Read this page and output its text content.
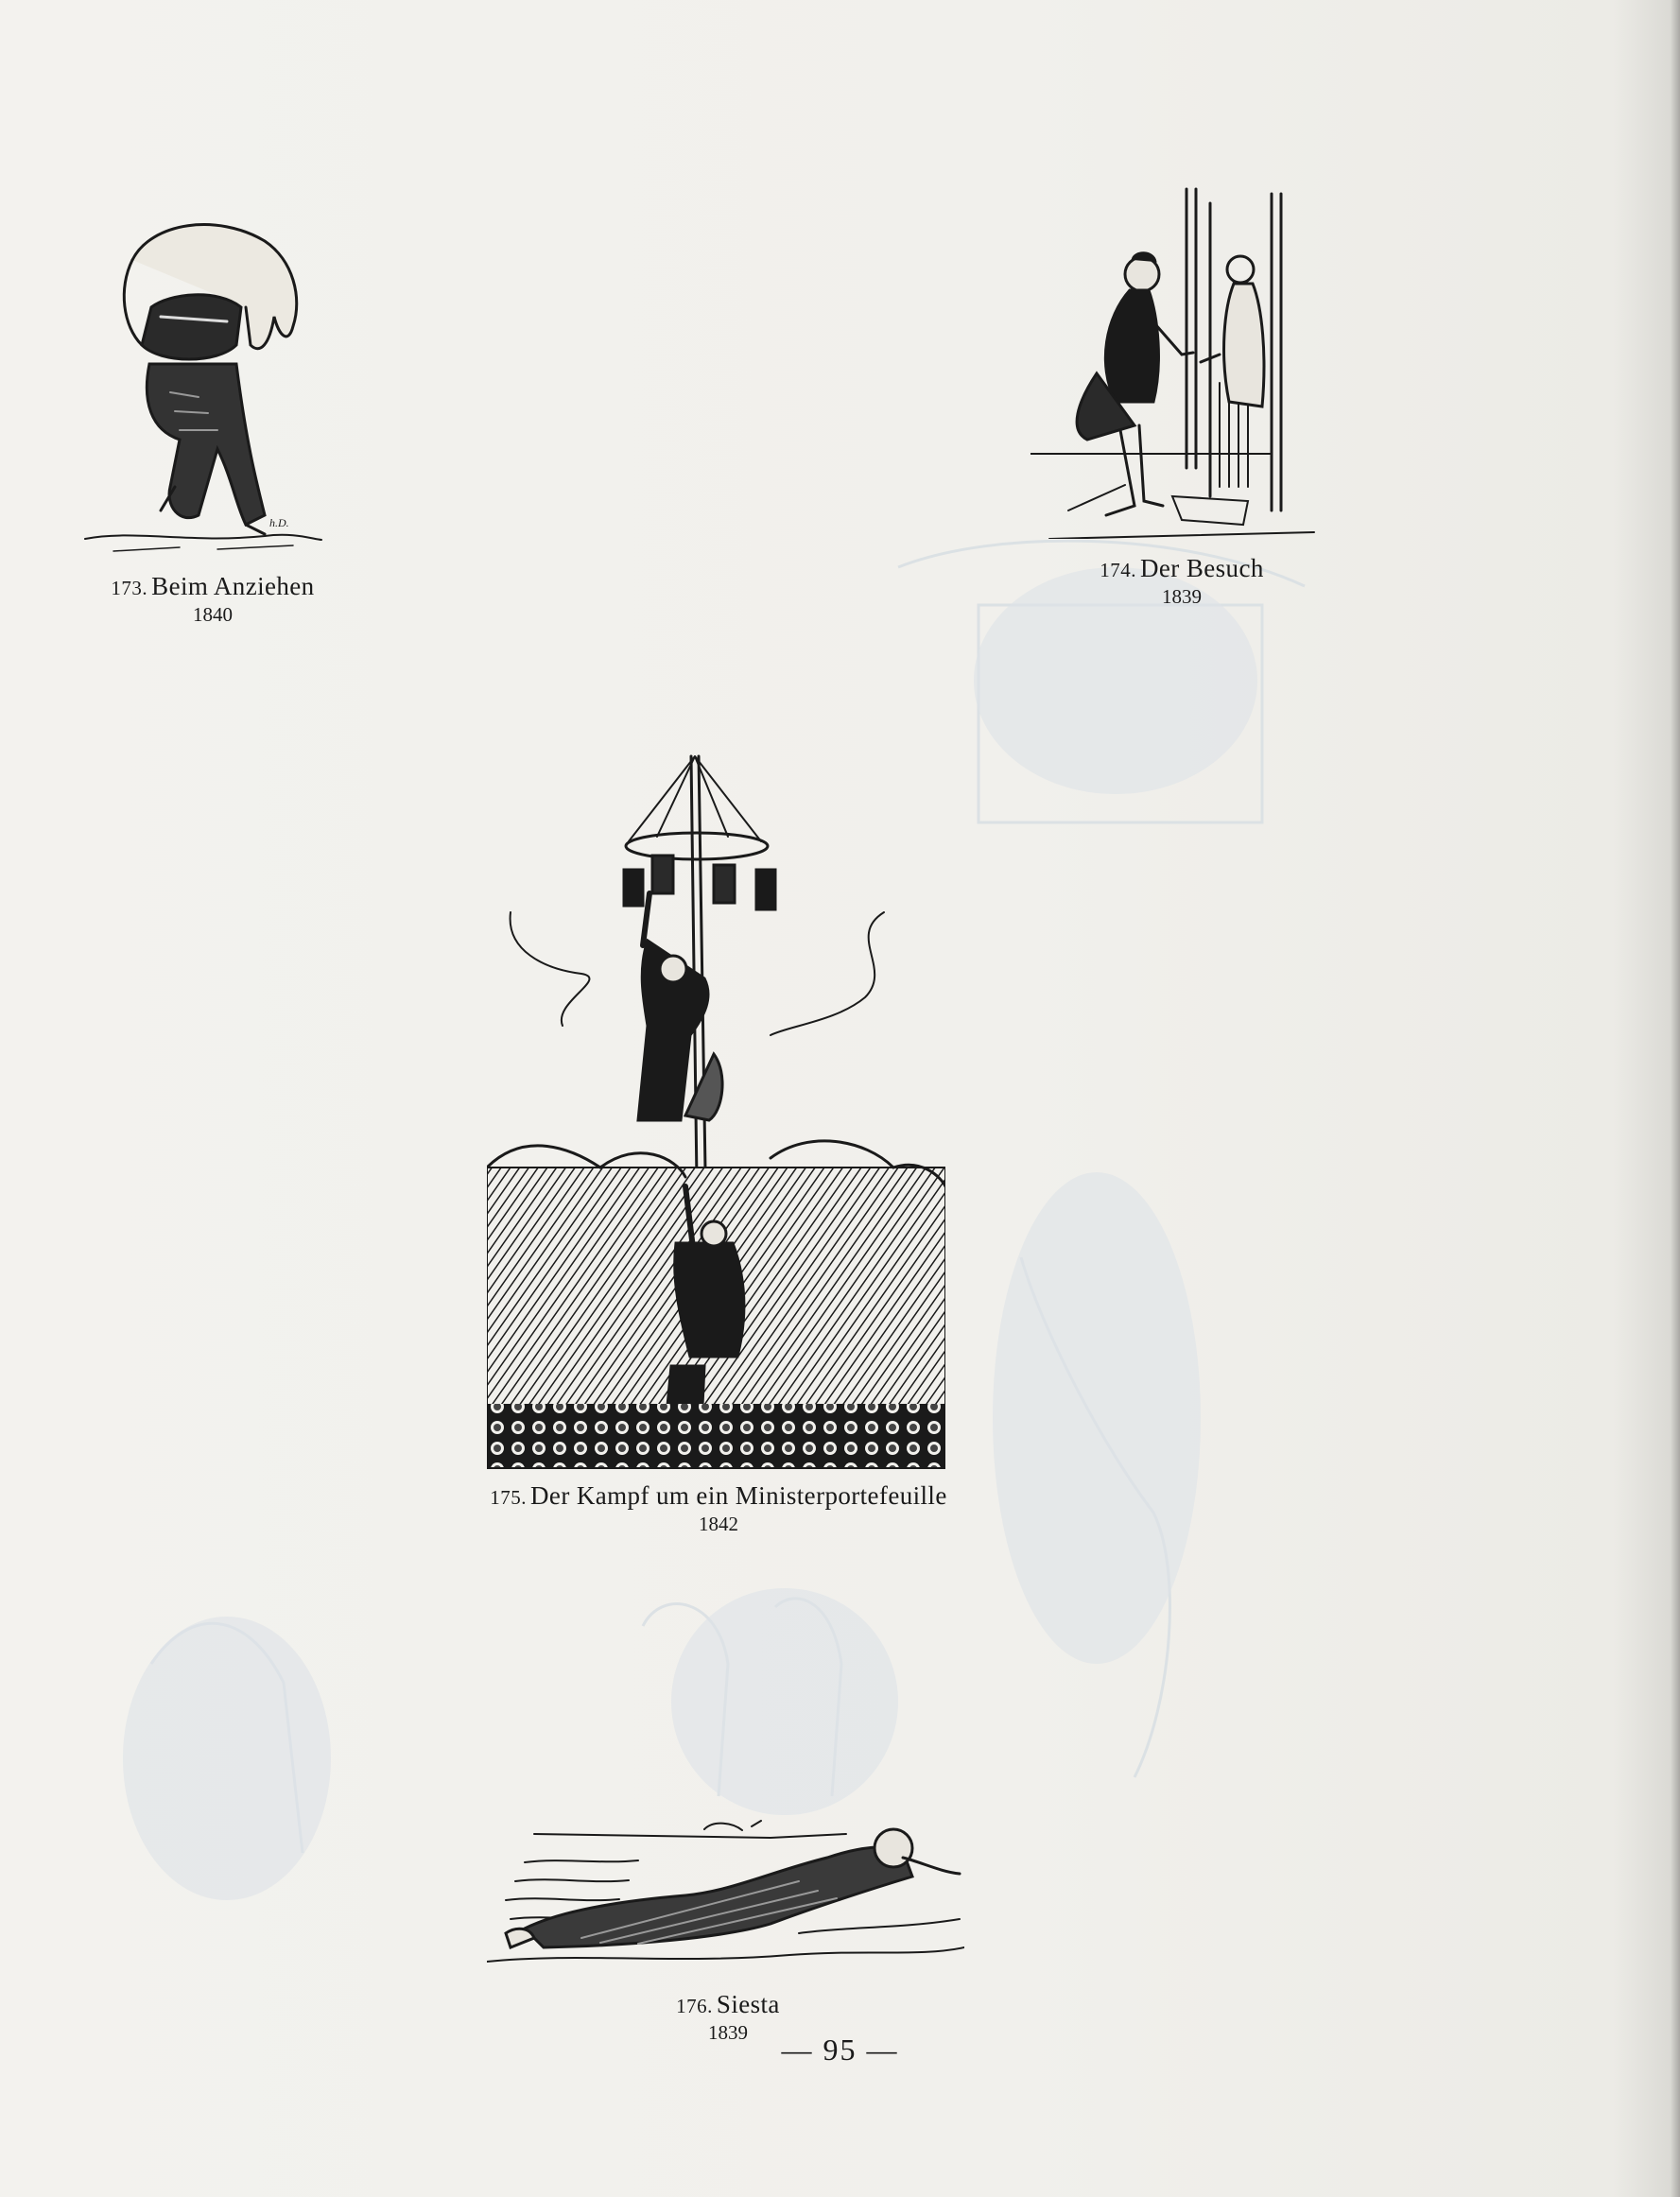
h.D.
173. Beim Anziehen
1840
174. Der Besuch
1839
175. Der Kampf um ein Ministerportefeuille
1842
176. Siesta
1839	— 95 —
